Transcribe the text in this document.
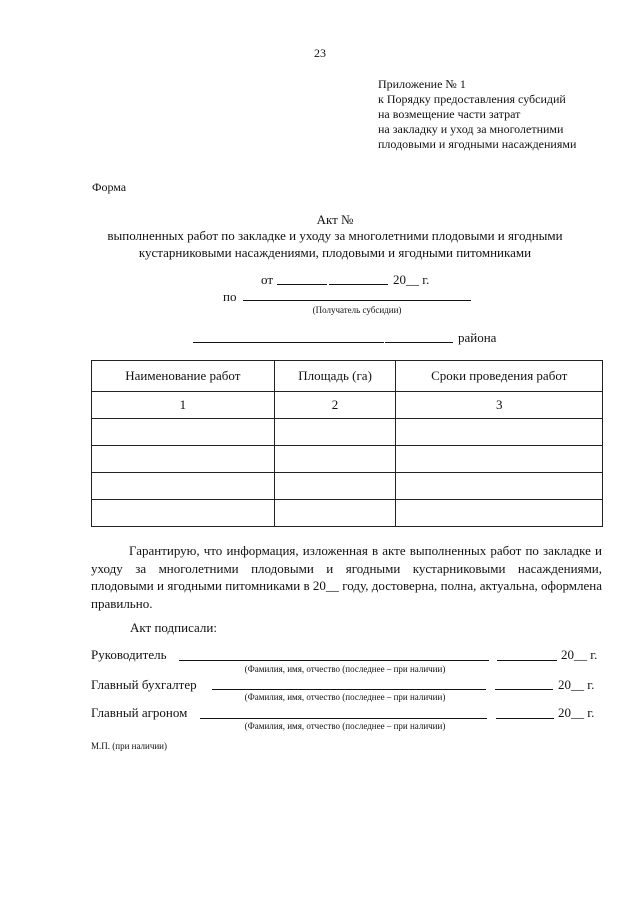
23
Приложение № 1
к Порядку предоставления субсидий
на возмещение части затрат
на закладку и уход за многолетними
плодовыми и ягодными насаждениями
Форма
Акт №
выполненных работ по закладке и уходу за многолетними плодовыми и ягодными
кустарниковыми насаждениями, плодовыми и ягодными питомниками
от	20__ г.
по
(Получатель субсидии)
района
Наименование работ	Площадь (га)	Сроки проведения работ
1	2	3

Гарантирую, что информация, изложенная в акте выполненных работ по закладке и уходу за многолетними плодовыми и ягодными кустарниковыми насаждениями, плодовыми и ягодными питомниками в 20__ году, достоверна, полна, актуальна, оформлена правильно.
Акт подписали:
Руководитель	20__ г.
(Фамилия, имя, отчество (последнее – при наличии)
Главный бухгалтер	20__ г.
(Фамилия, имя, отчество (последнее – при наличии)
Главный агроном	20__ г.
(Фамилия, имя, отчество (последнее – при наличии)
М.П. (при наличии)
